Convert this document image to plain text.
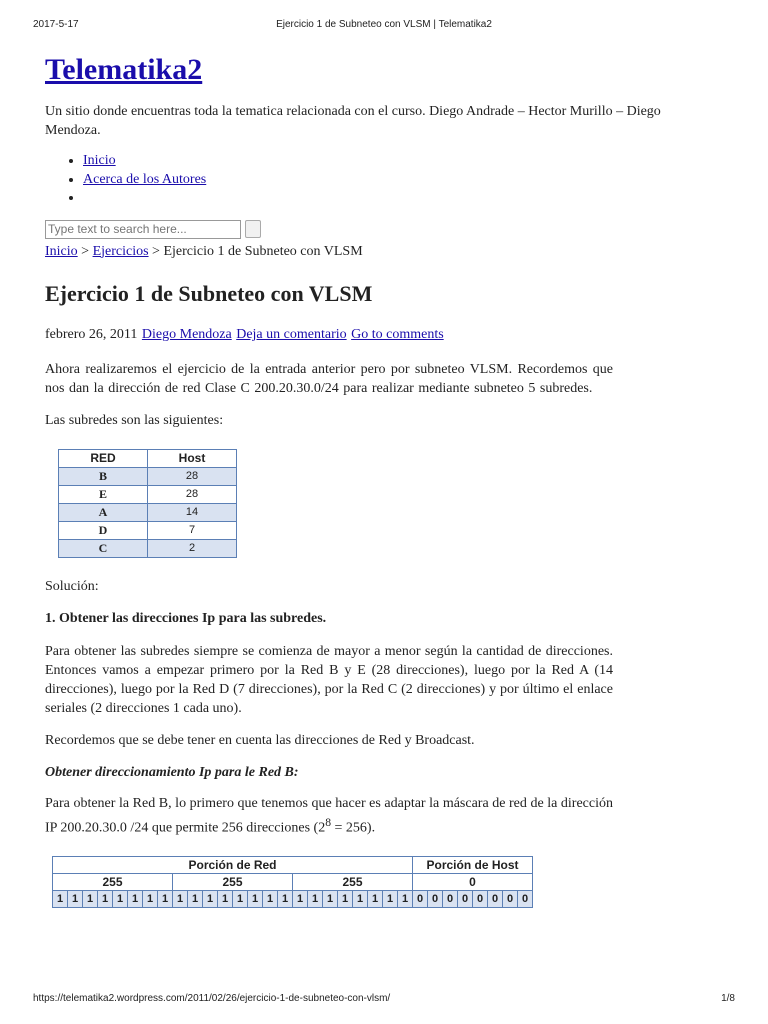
2017-5-17	Ejercicio 1 de Subneteo con VLSM | Telematika2
Telematika2

Un sitio donde encuentras toda la tematica relacionada con el curso. Diego Andrade – Hector Murillo – Diego Mendoza.

• Inicio
• Acerca de los Autores
•
Type text to search here...
Inicio > Ejercicios > Ejercicio 1 de Subneteo con VLSM
Ejercicio 1 de Subneteo con VLSM
febrero 26, 2011 Diego Mendoza Deja un comentario Go to comments

Ahora realizaremos el ejercicio de la entrada anterior pero por subneteo VLSM. Recordemos que nos dan la dirección de red Clase C 200.20.30.0/24 para realizar mediante subneteo 5 subredes.

Las subredes son las siguientes:

RED	Host
B	28
E	28
A	14
D	7
C	2

Solución:

1. Obtener las direcciones Ip para las subredes.

Para obtener las subredes siempre se comienza de mayor a menor según la cantidad de direcciones. Entonces vamos a empezar primero por la Red B y E (28 direcciones), luego por la Red A (14 direcciones), luego por la Red D (7 direcciones), por la Red C (2 direcciones) y por último el enlace seriales (2 direcciones 1 cada uno).

Recordemos que se debe tener en cuenta las direcciones de Red y Broadcast.

Obtener direccionamiento Ip para le Red B:

Para obtener la Red B, lo primero que tenemos que hacer es adaptar la máscara de red de la dirección IP 200.20.30.0 /24 que permite 256 direcciones $(2^8 = 256)$.

Porción de Red																								Porción de Host							
255								255								255								0							
1	1	1	1	1	1	1	1	1	1	1	1	1	1	1	1	1	1	1	1	1	1	1	1	0	0	0	0	0	0	0	0
https://telematika2.wordpress.com/2011/02/26/ejercicio-1-de-subneteo-con-vlsm/	1/8
